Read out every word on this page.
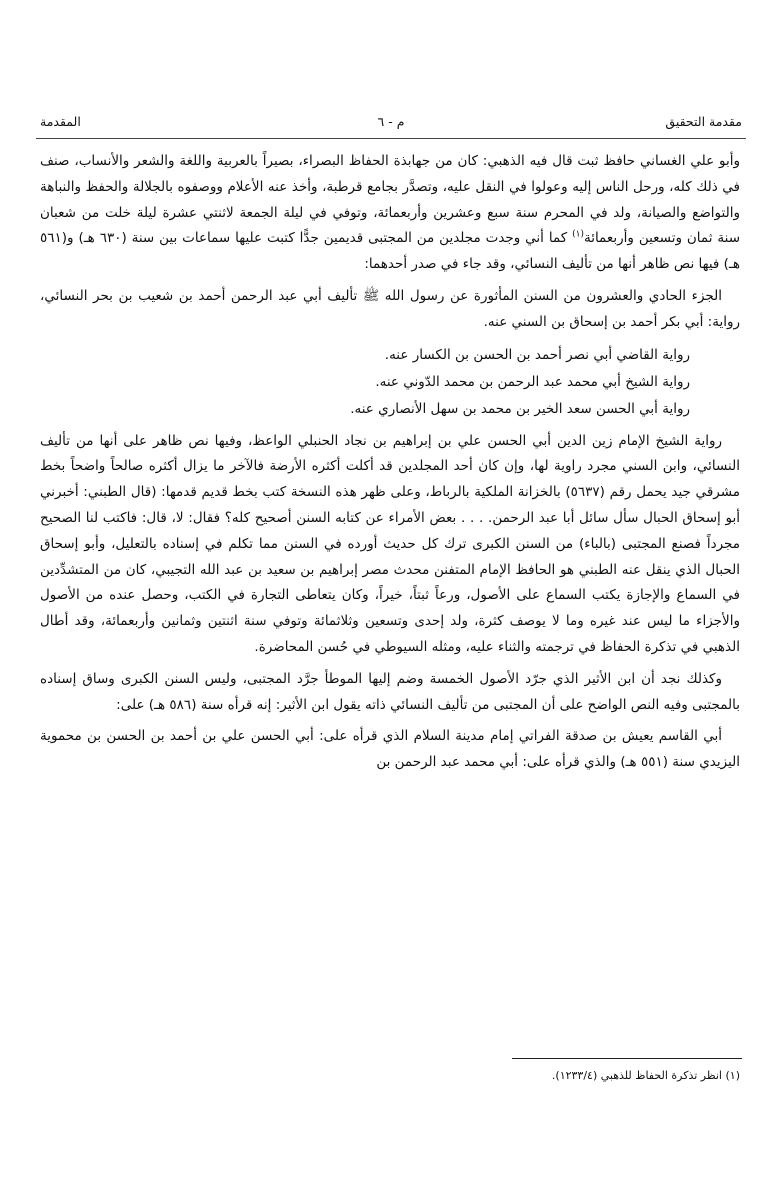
المقدمة	م - ٦	مقدمة التحقيق

وأبو علي الغساني حافظ ثبت قال فيه الذهبي: كان من جهابذة الحفاظ البصراء، بصيراً بالعربية واللغة والشعر والأنساب، صنف في ذلك كله، ورحل الناس إليه وعولوا في النقل عليه، وتصدَّر بجامع قرطبة، وأخذ عنه الأعلام ووصفوه بالجلالة والحفظ والنباهة والتواضع والصيانة، ولد في المحرم سنة سبع وعشرين وأربعمائة، وتوفي في ليلة الجمعة لاثنتي عشرة ليلة خلت من شعبان سنة ثمان وتسعين وأربعمائة$^{(١)}$ كما أني وجدت مجلدين من المجتبى قديمين جدًّا كتبت عليها سماعات بين سنة (٦٣٠ هـ) و(٥٦١ هـ) فيها نص ظاهر أنها من تأليف النسائي، وقد جاء في صدر أحدهما:

الجزء الحادي والعشرون من السنن المأثورة عن رسول الله ﷺ تأليف أبي عبد الرحمن أحمد بن شعيب بن بحر النسائي، رواية: أبي بكر أحمد بن إسحاق بن السني عنه.

رواية القاضي أبي نصر أحمد بن الحسن بن الكسار عنه.
رواية الشيخ أبي محمد عبد الرحمن بن محمد الدّوني عنه.
رواية أبي الحسن سعد الخير بن محمد بن سهل الأنصاري عنه.

رواية الشيخ الإمام زين الدين أبي الحسن علي بن إبراهيم بن نجاد الحنبلي الواعظ، وفيها نص ظاهر على أنها من تأليف النسائي، وابن السني مجرد راوية لها، وإن كان أحد المجلدين قد أكلت أكثره الأرضة فالآخر ما يزال أكثره صالحاً واضحاً بخط مشرقي جيد يحمل رقم (٥٦٣٧) بالخزانة الملكية بالرباط، وعلى ظهر هذه النسخة كتب بخط قديم قدمها: (قال الطبني: أخبرني أبو إسحاق الحبال سأل سائل أبا عبد الرحمن. . . . بعض الأمراء عن كتابه السنن أصحيح كله؟ فقال: لا، قال: فاكتب لنا الصحيح مجرداً فصنع المجتبى (بالباء) من السنن الكبرى ترك كل حديث أورده في السنن مما تكلم في إسناده بالتعليل، وأبو إسحاق الحبال الذي ينقل عنه الطبني هو الحافظ الإمام المتفنن محدث مصر إبراهيم بن سعيد بن عبد الله التجيبي، كان من المتشدِّدين في السماع والإجازة يكتب السماع على الأصول، ورعاً ثبتاً، خيراً، وكان يتعاطى التجارة في الكتب، وحصل عنده من الأصول والأجزاء ما ليس عند غيره وما لا يوصف كثرة، ولد إحدى وتسعين وثلاثمائة وتوفي سنة اثنتين وثمانين وأربعمائة، وقد أطال الذهبي في تذكرة الحفاظ في ترجمته والثناء عليه، ومثله السيوطي في حُسن المحاضرة.

وكذلك نجد أن ابن الأثير الذي جرّد الأصول الخمسة وضم إليها الموطأ جرَّد المجتبى، وليس السنن الكبرى وساق إسناده بالمجتبى وفيه النص الواضح على أن المجتبى من تأليف النسائي ذاته يقول ابن الأثير: إنه قرأه سنة (٥٨٦ هـ) على:

أبي القاسم يعيش بن صدقة الفراتي إمام مدينة السلام الذي قرأه على: أبي الحسن علي بن أحمد بن الحسن بن محموية اليزيدي سنة (٥٥١ هـ) والذي قرأه على: أبي محمد عبد الرحمن بن

(١) انظر تذكرة الحفاظ للذهبي (١٢٣٣/٤).
